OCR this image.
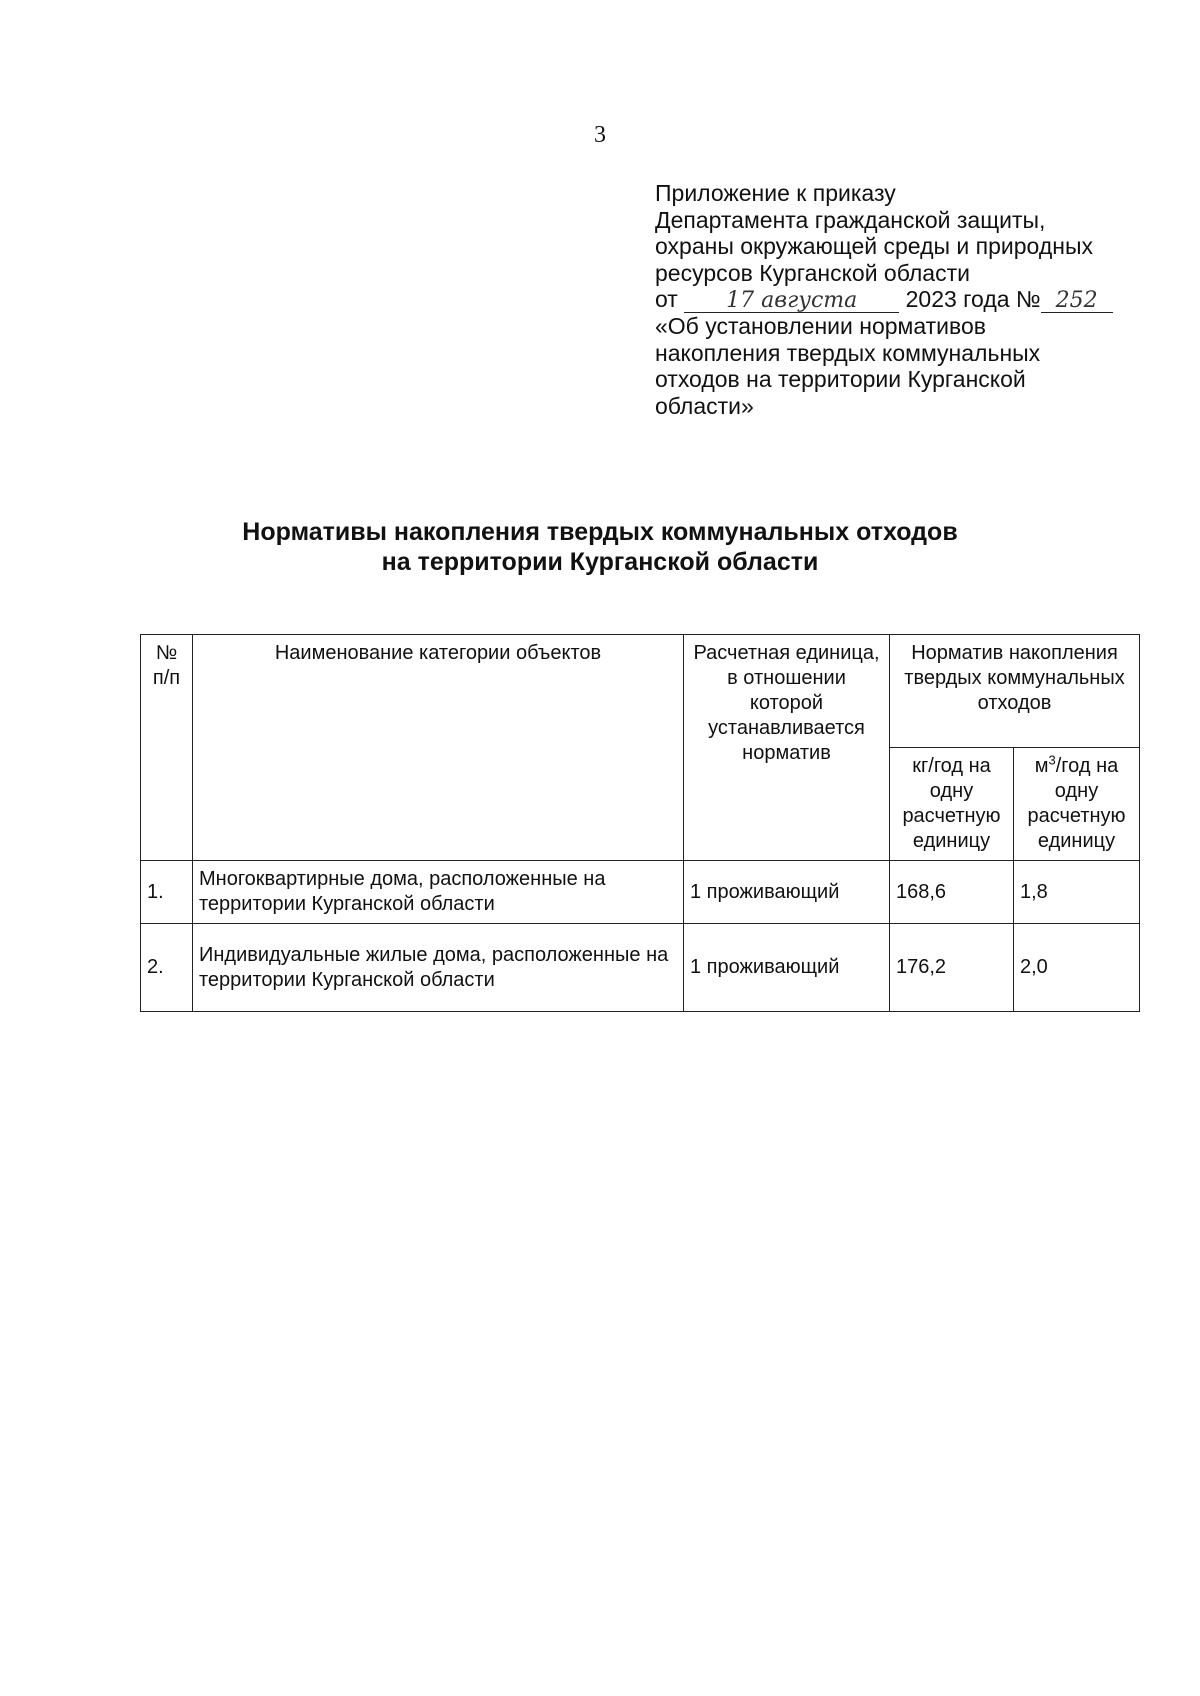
3
Приложение к приказу
Департамента гражданской защиты,
охраны окружающей среды и природных
ресурсов Курганской области
от 17 августа 2023 года № 252
«Об установлении нормативов
накопления твердых коммунальных
отходов на территории Курганской
области»
Нормативы накопления твердых коммунальных отходов
на территории Курганской области
№ п/п	Наименование категории объектов	Расчетная единица, в отношении которой устанавливается норматив	Норматив накопления твердых коммунальных отходов	
			кг/год на одну расчетную единицу	$м^3$/год на одну расчетную единицу
1.	Многоквартирные дома, расположенные на территории Курганской области	1 проживающий	168,6	1,8
2.	Индивидуальные жилые дома, расположенные на территории Курганской области	1 проживающий	176,2	2,0
